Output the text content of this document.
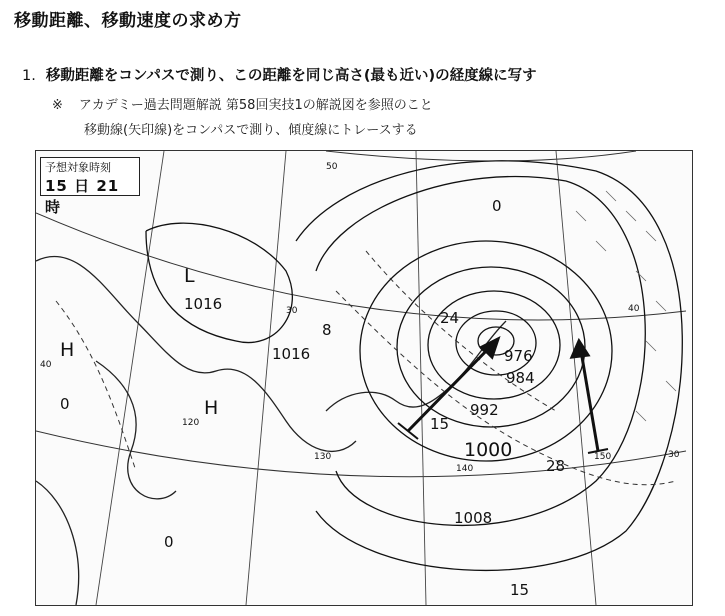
移動距離、移動速度の求め方
1. 移動距離をコンパスで測り、この距離を同じ高さ(最も近い)の経度線に写す
※ アカデミー過去問題解説 第58回実技1の解説図を参照のこと
移動線(矢印線)をコンパスで測り、傾度線にトレースする
予想対象時刻
15 日 21 時
L
1016
H
H
1016	976
984
992
1000
1008
24
28
15
15
8
0
0
0
50
40
30
40
30
120
130
140
150
